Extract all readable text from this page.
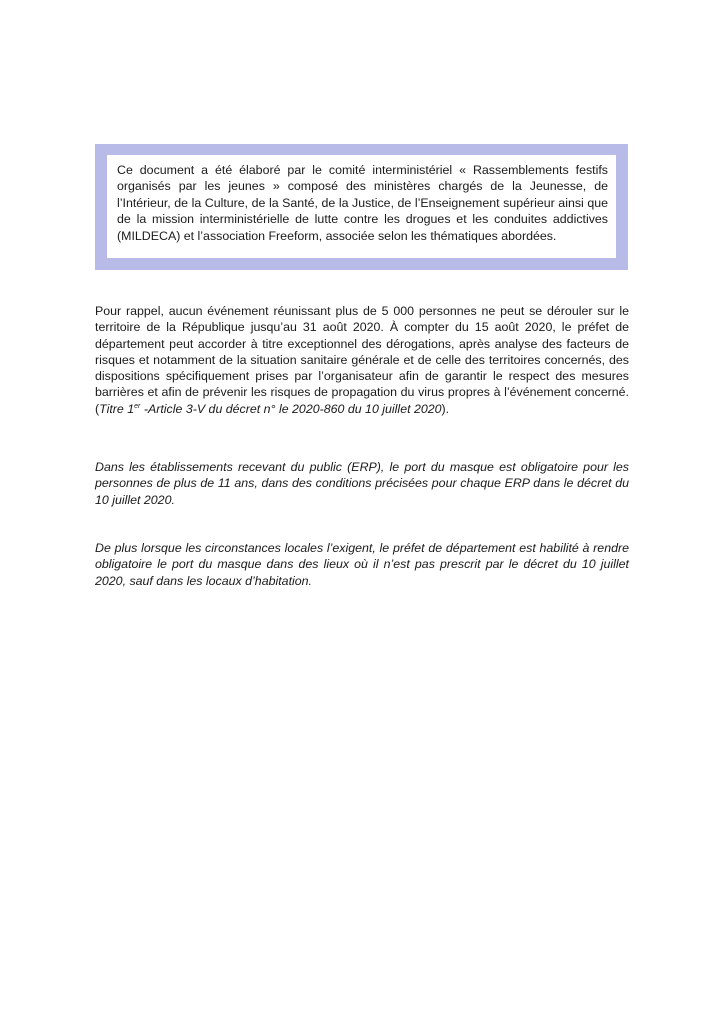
Ce document a été élaboré par le comité interministériel « Rassemblements festifs organisés par les jeunes » composé des ministères chargés de la Jeunesse, de l’Intérieur, de la Culture, de la Santé, de la Justice, de l’Enseignement supérieur ainsi que de la mission interministérielle de lutte contre les drogues et les conduites addictives (MILDECA) et l’association Freeform, associée selon les thématiques abordées.

Pour rappel, aucun événement réunissant plus de 5 000 personnes ne peut se dérouler sur le territoire de la République jusqu’au 31 août 2020. À compter du 15 août 2020, le préfet de département peut accorder à titre exceptionnel des dérogations, après analyse des facteurs de risques et notamment de la situation sanitaire générale et de celle des territoires concernés, des dispositions spécifiquement prises par l’organisateur afin de garantir le respect des mesures barrières et afin de prévenir les risques de propagation du virus propres à l’événement concerné. (Titre 1er -Article 3-V du décret n° le 2020-860 du 10 juillet 2020).

Dans les établissements recevant du public (ERP), le port du masque est obligatoire pour les personnes de plus de 11 ans, dans des conditions précisées pour chaque ERP dans le décret du 10 juillet 2020.

De plus lorsque les circonstances locales l’exigent, le préfet de département est habilité à rendre obligatoire le port du masque dans des lieux où il n’est pas prescrit par le décret du 10 juillet 2020, sauf dans les locaux d’habitation.
